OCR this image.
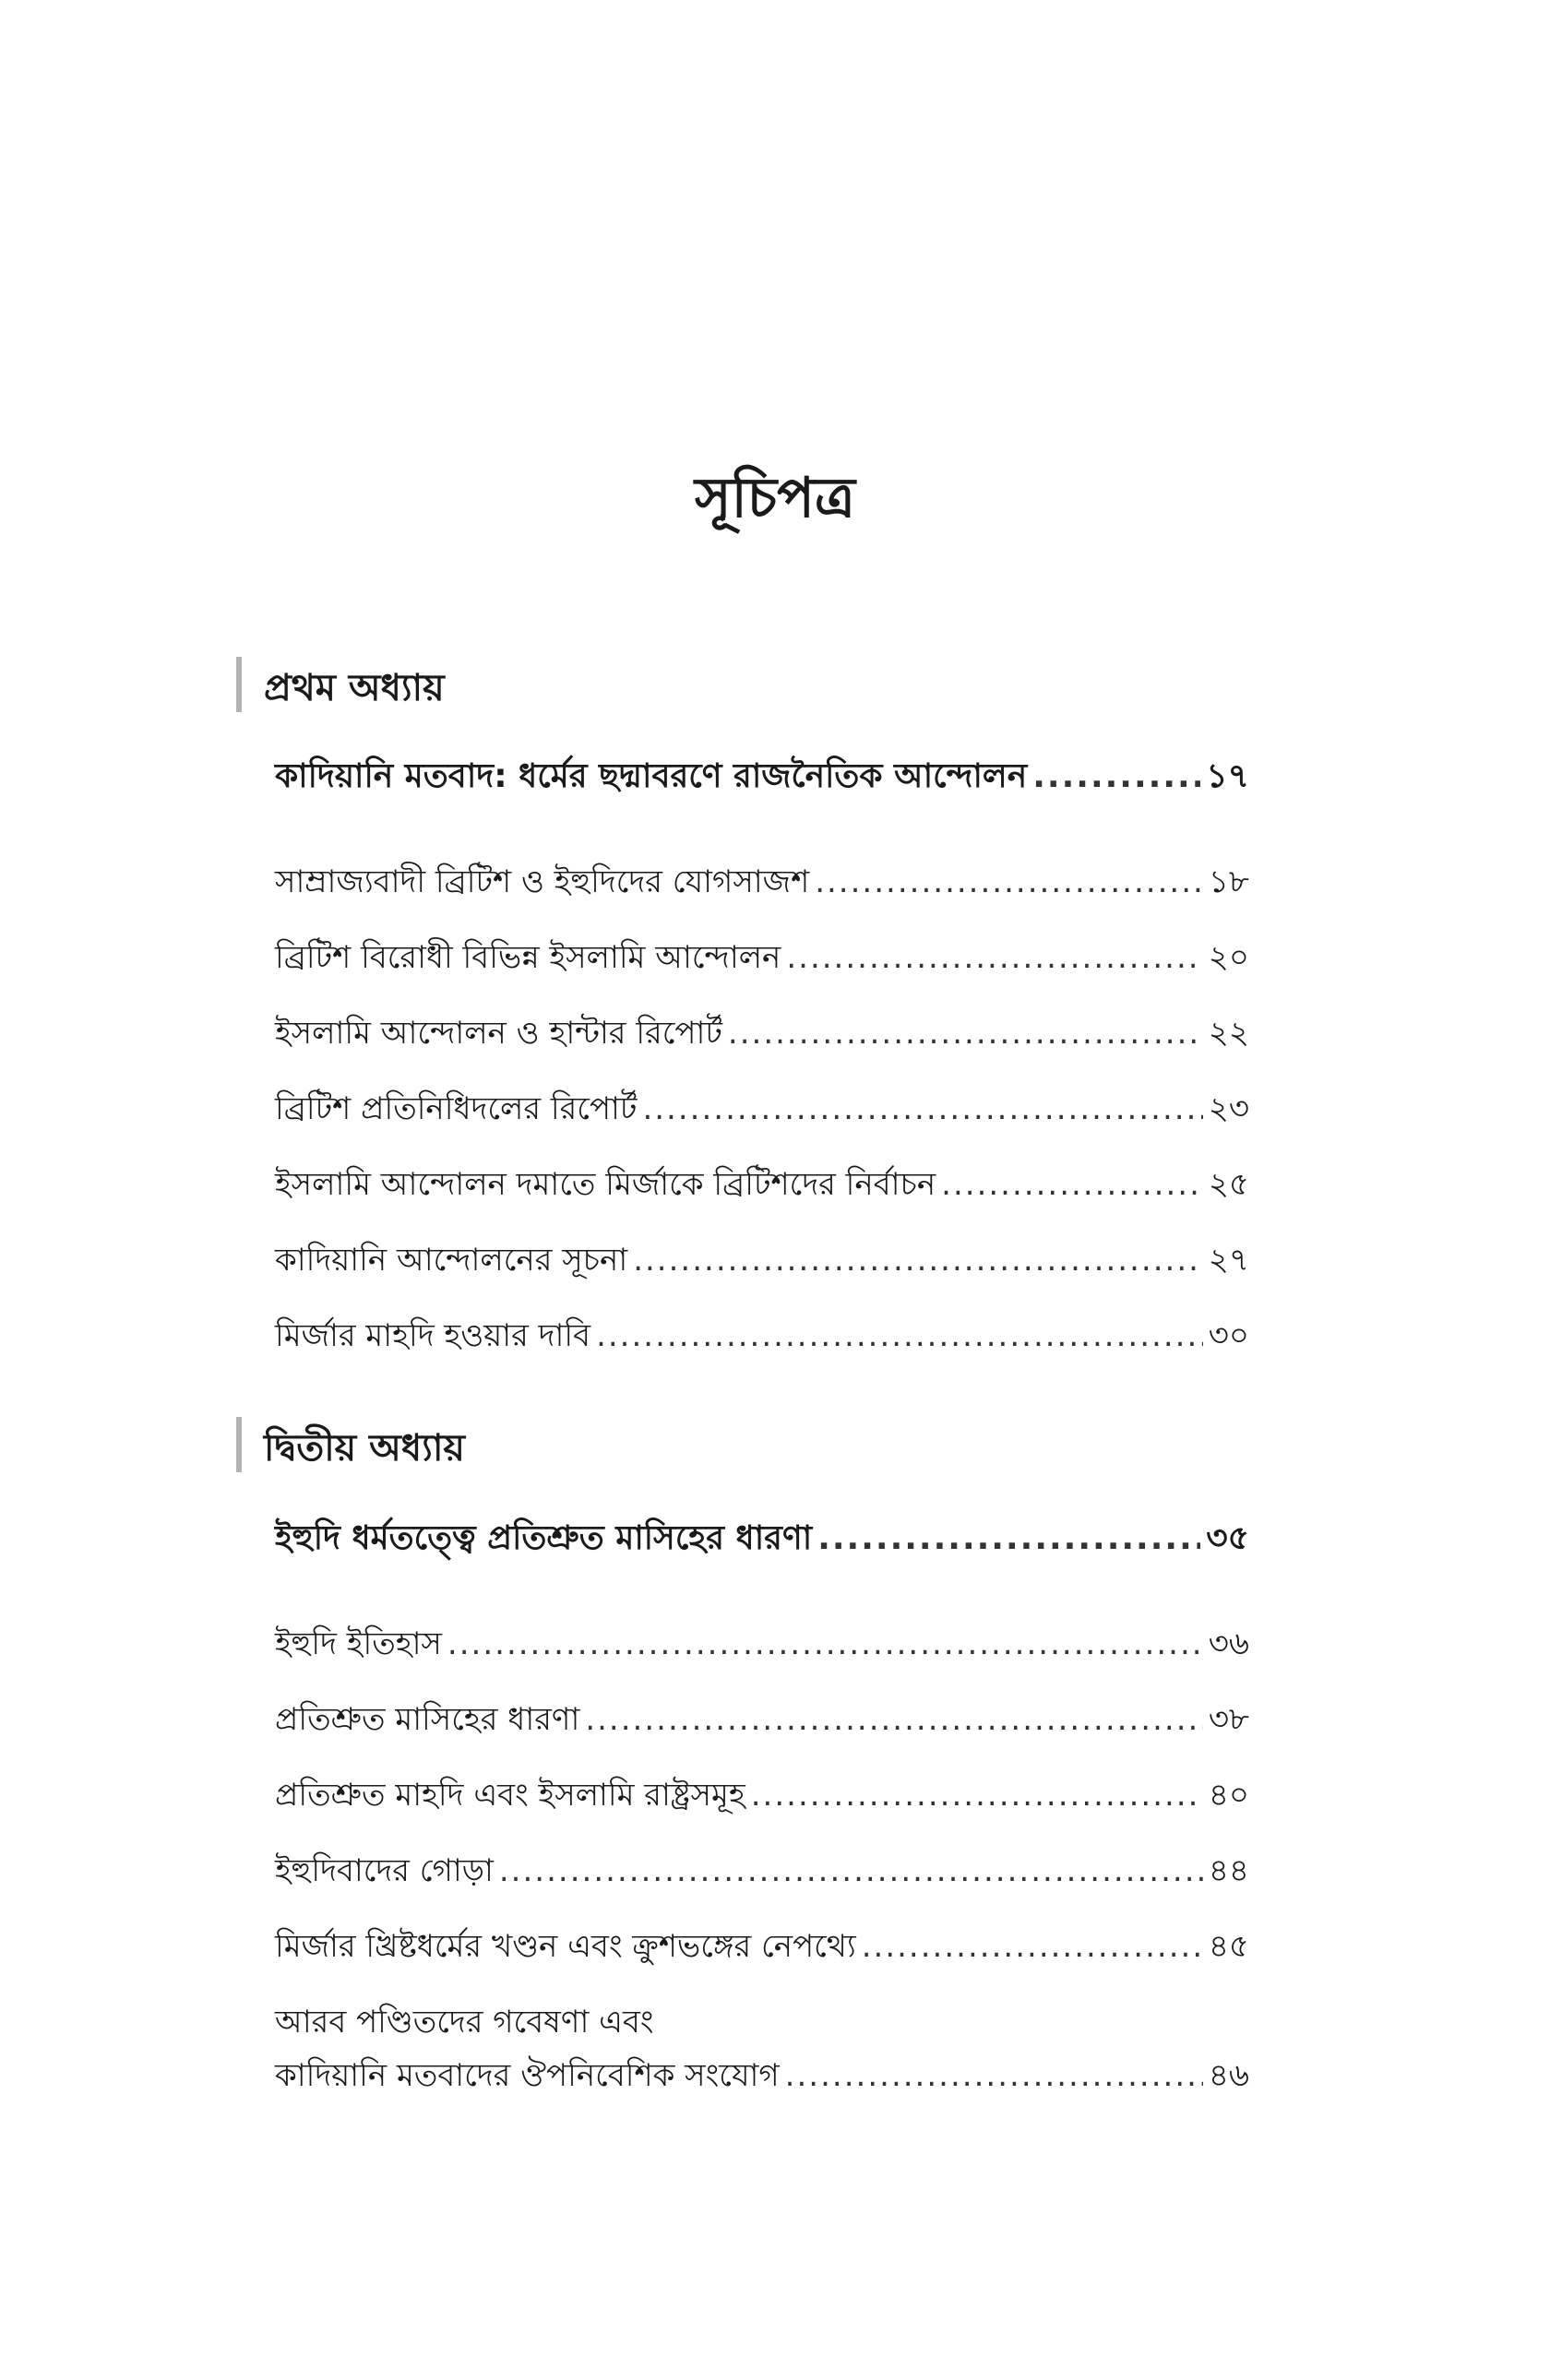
সূচিপত্র
প্রথম অধ্যায়
কাদিয়ানি মতবাদ: ধর্মের ছদ্মাবরণে রাজনৈতিক আন্দোলন .....	১৭
সাম্রাজ্যবাদী ব্রিটিশ ও ইহুদিদের যোগসাজশ .....	১৮
ব্রিটিশ বিরোধী বিভিন্ন ইসলামি আন্দোলন .....	২০
ইসলামি আন্দোলন ও হান্টার রিপোর্ট .....	২২
ব্রিটিশ প্রতিনিধিদলের রিপোর্ট .....	২৩
ইসলামি আন্দোলন দমাতে মির্জাকে ব্রিটিশদের নির্বাচন .....	২৫
কাদিয়ানি আন্দোলনের সূচনা .....	২৭
মির্জার মাহদি হওয়ার দাবি .....	৩০
দ্বিতীয় অধ্যায়
ইহুদি ধর্মতত্ত্বে প্রতিশ্রুত মাসিহের ধারণা .....	৩৫
ইহুদি ইতিহাস .....	৩৬
প্রতিশ্রুত মাসিহের ধারণা .....	৩৮
প্রতিশ্রুত মাহদি এবং ইসলামি রাষ্ট্রসমূহ .....	৪০
ইহুদিবাদের গোড়া .....	৪৪
মির্জার খ্রিষ্টধর্মের খণ্ডন এবং ক্রুশভঙ্গের নেপথ্যে .....	৪৫
আরব পণ্ডিতদের গবেষণা এবং
কাদিয়ানি মতবাদের ঔপনিবেশিক সংযোগ .....	৪৬
